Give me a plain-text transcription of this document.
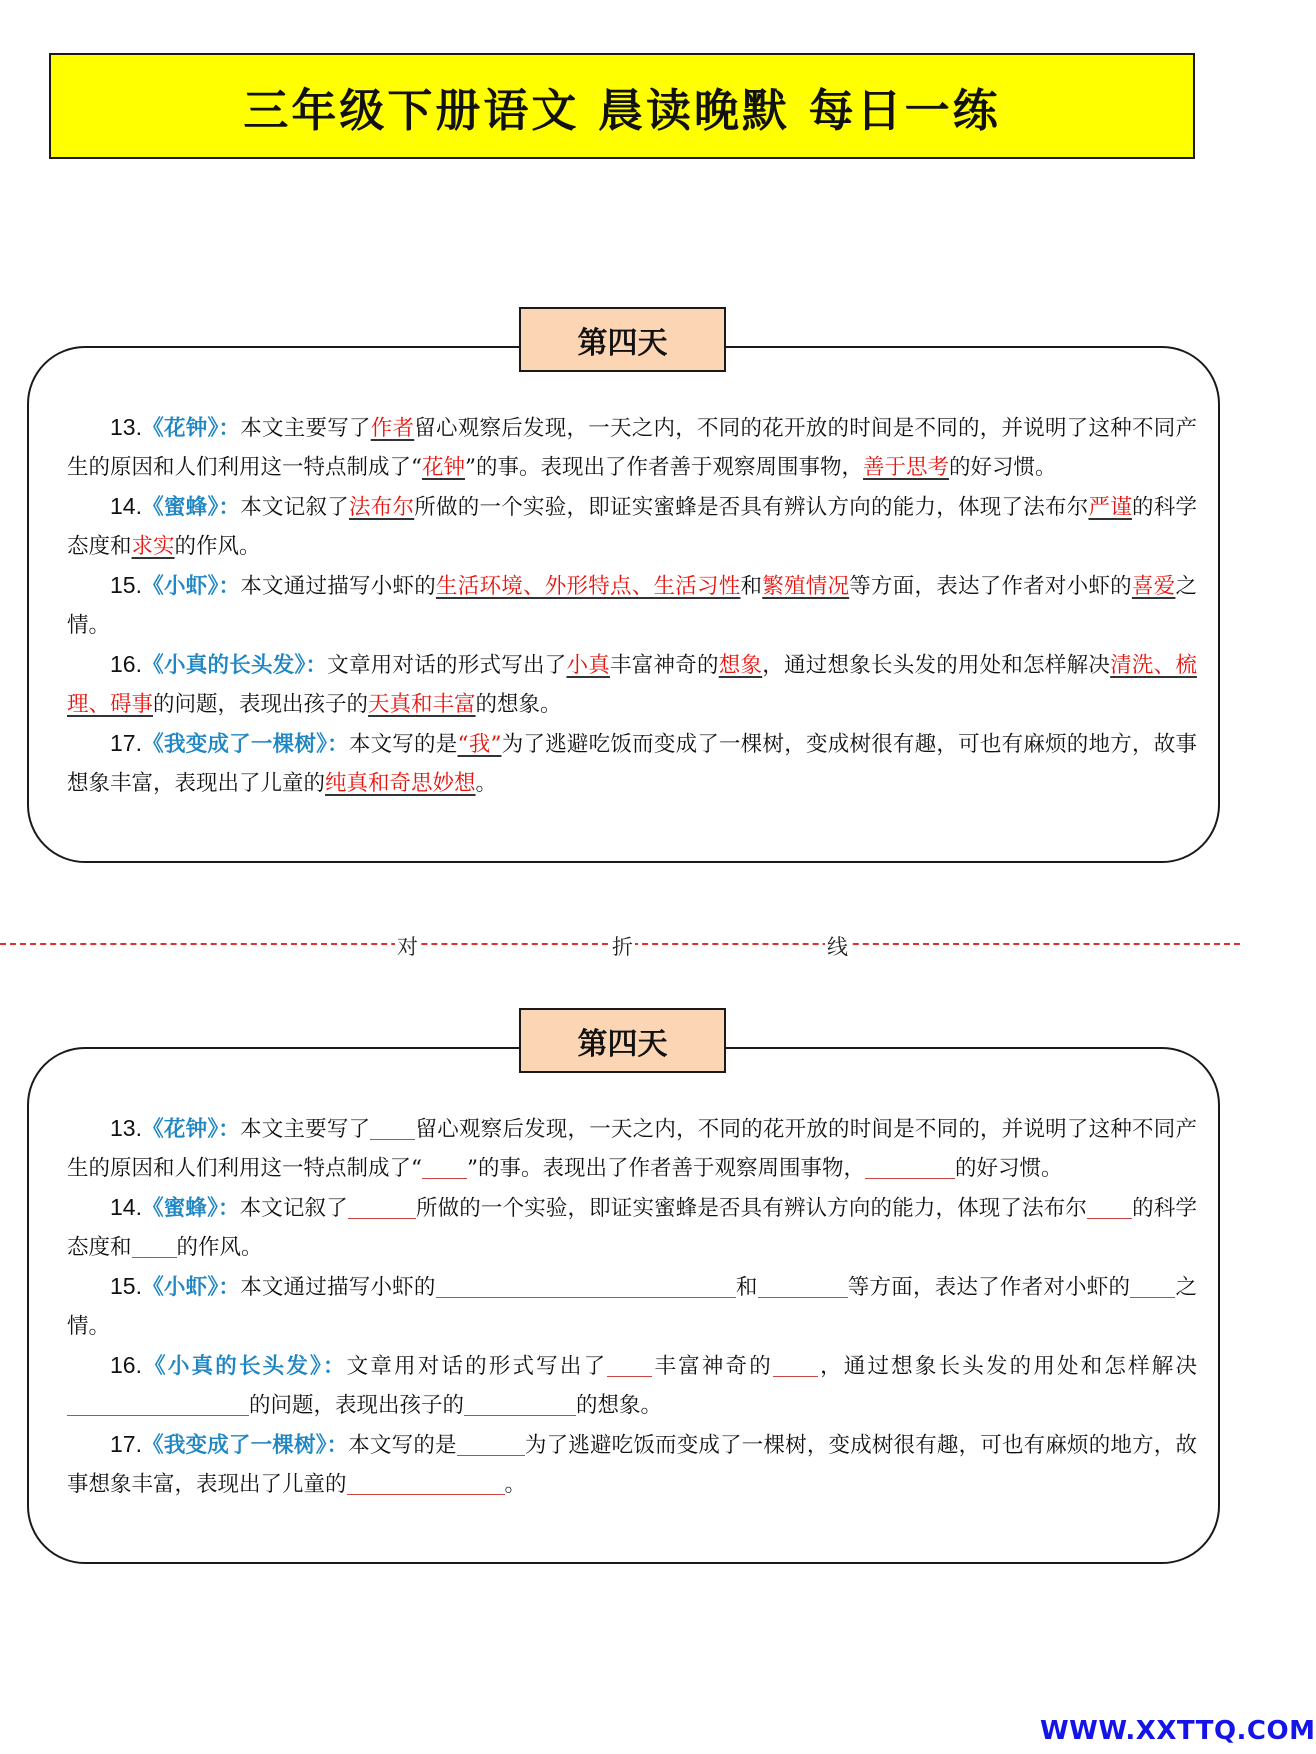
三年级下册语文 晨读晚默 每日一练
第四天

13.《花钟》：本文主要写了作者留心观察后发现，一天之内，不同的花开放的时间是不同的，并说明了这种不同产生的原因和人们利用这一特点制成了“花钟”的事。表现出了作者善于观察周围事物，善于思考的好习惯。

14.《蜜蜂》：本文记叙了法布尔所做的一个实验，即证实蜜蜂是否具有辨认方向的能力，体现了法布尔严谨的科学态度和求实的作风。

15.《小虾》：本文通过描写小虾的生活环境、外形特点、生活习性和繁殖情况等方面，表达了作者对小虾的喜爱之情。

16.《小真的长头发》：文章用对话的形式写出了小真丰富神奇的想象，通过想象长头发的用处和怎样解决清洗、梳理、碍事的问题，表现出孩子的天真和丰富的想象。

17.《我变成了一棵树》：本文写的是“我”为了逃避吃饭而变成了一棵树，变成树很有趣，可也有麻烦的地方，故事想象丰富，表现出了儿童的纯真和奇思妙想。

对	折	线
第四天

13.《花钟》：本文主要写了 留心观察后发现，一天之内，不同的花开放的时间是不同的，并说明了这种不同产生的原因和人们利用这一特点制成了“ ”的事。表现出了作者善于观察周围事物，	的好习惯。

14.《蜜蜂》：本文记叙了	所做的一个实验，即证实蜜蜂是否具有辨认方向的能力，体现了法布尔 的科学态度和 的作风。

15.《小虾》：本文通过描写小虾的	和	等方面，表达了作者对小虾的 之情。

16.《小真的长头发》：文章用对话的形式写出了 丰富神奇的 ，通过想象长头发的用处和怎样解决的问题，表现出孩子的	的想象。

17.《我变成了一棵树》：本文写的是	为了逃避吃饭而变成了一棵树，变成树很有趣，可也有麻烦的地方，故事想象丰富，表现出了儿童的	。

WWW.XXTTQ.COM
